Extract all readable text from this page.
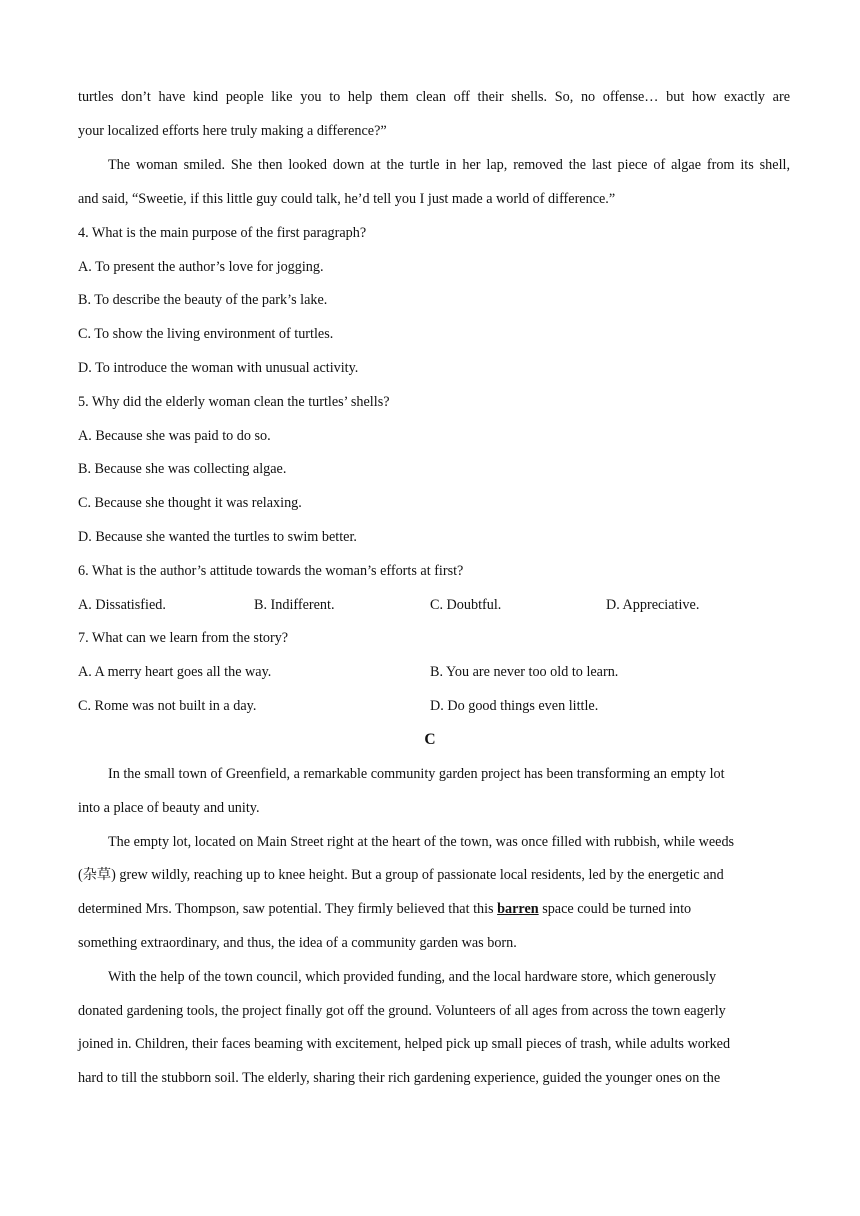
turtles don’t have kind people like you to help them clean off their shells. So, no offense… but how exactly are
your localized efforts here truly making a difference?”
The woman smiled. She then looked down at the turtle in her lap, removed the last piece of algae from its shell,
and said, “Sweetie, if this little guy could talk, he’d tell you I just made a world of difference.”
4. What is the main purpose of the first paragraph?
A. To present the author’s love for jogging.
B. To describe the beauty of the park’s lake.
C. To show the living environment of turtles.
D. To introduce the woman with unusual activity.
5. Why did the elderly woman clean the turtles’ shells?
A. Because she was paid to do so.
B. Because she was collecting algae.
C. Because she thought it was relaxing.
D. Because she wanted the turtles to swim better.
6. What is the author’s attitude towards the woman’s efforts at first?
A. Dissatisfied.	B. Indifferent.	C. Doubtful.	D. Appreciative.
7. What can we learn from the story?
A. A merry heart goes all the way.	B. You are never too old to learn.
C. Rome was not built in a day.	D. Do good things even little.
C
In the small town of Greenfield, a remarkable community garden project has been transforming an empty lot
into a place of beauty and unity.
The empty lot, located on Main Street right at the heart of the town, was once filled with rubbish, while weeds
(杂草) grew wildly, reaching up to knee height. But a group of passionate local residents, led by the energetic and
determined Mrs. Thompson, saw potential. They firmly believed that this barren space could be turned into
something extraordinary, and thus, the idea of a community garden was born.
With the help of the town council, which provided funding, and the local hardware store, which generously
donated gardening tools, the project finally got off the ground. Volunteers of all ages from across the town eagerly
joined in. Children, their faces beaming with excitement, helped pick up small pieces of trash, while adults worked
hard to till the stubborn soil. The elderly, sharing their rich gardening experience, guided the younger ones on the
